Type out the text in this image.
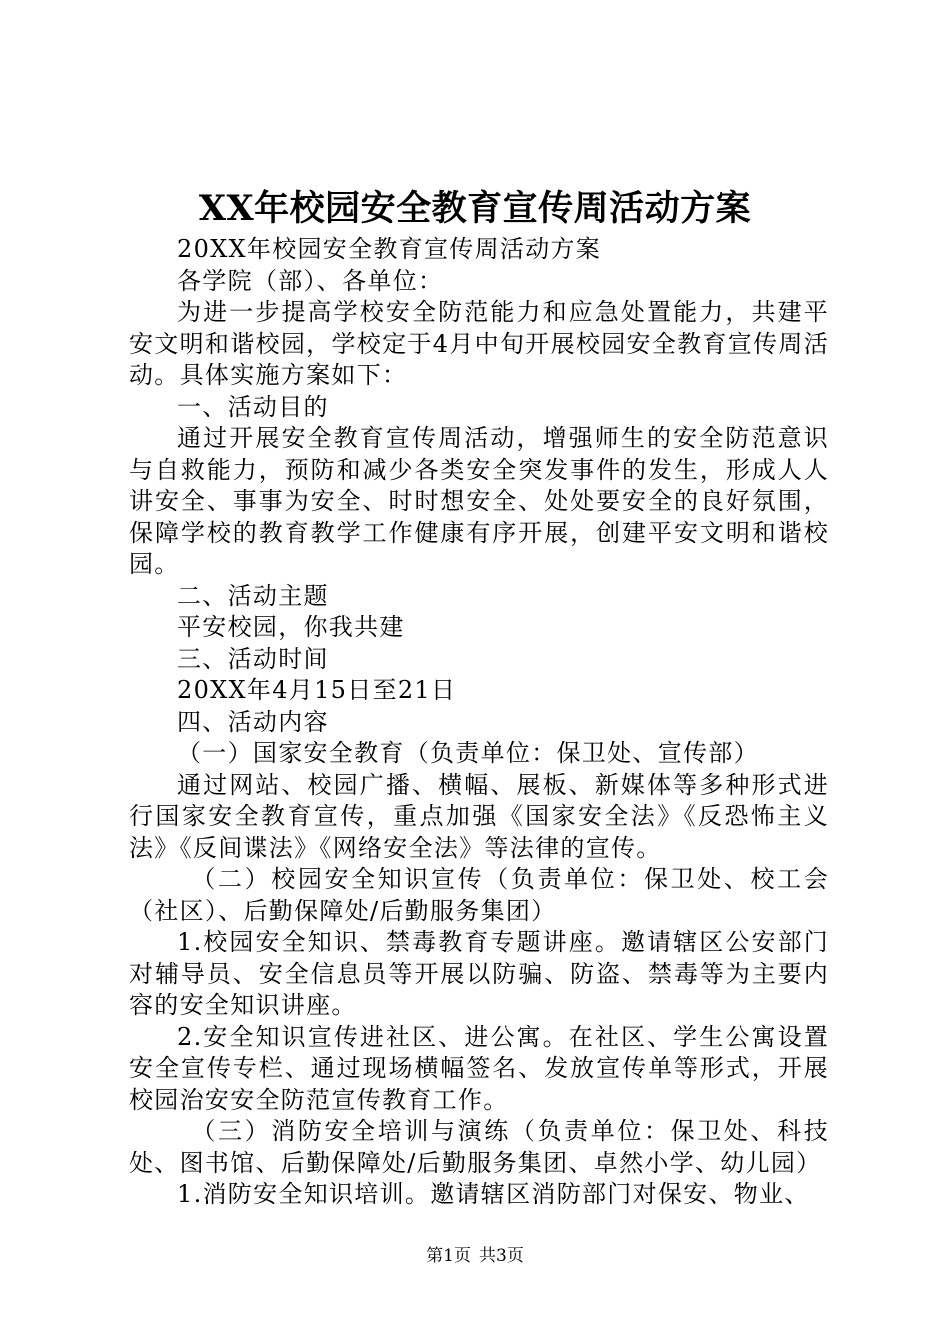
XX年校园安全教育宣传周活动方案

20XX年校园安全教育宣传周活动方案

各学院（部）、各单位：

为进一步提高学校安全防范能力和应急处置能力，共建平安文明和谐校园，学校定于4月中旬开展校园安全教育宣传周活动。具体实施方案如下：

一、活动目的

通过开展安全教育宣传周活动，增强师生的安全防范意识与自救能力，预防和减少各类安全突发事件的发生，形成人人讲安全、事事为安全、时时想安全、处处要安全的良好氛围，保障学校的教育教学工作健康有序开展，创建平安文明和谐校园。

二、活动主题

平安校园，你我共建

三、活动时间

20XX年4月15日至21日

四、活动内容

（一）国家安全教育（负责单位：保卫处、宣传部）

通过网站、校园广播、横幅、展板、新媒体等多种形式进行国家安全教育宣传，重点加强《国家安全法》《反恐怖主义法》《反间谍法》《网络安全法》等法律的宣传。

（二）校园安全知识宣传（负责单位：保卫处、校工会（社区）、后勤保障处/后勤服务集团）

1.校园安全知识、禁毒教育专题讲座。邀请辖区公安部门对辅导员、安全信息员等开展以防骗、防盗、禁毒等为主要内容的安全知识讲座。

2.安全知识宣传进社区、进公寓。在社区、学生公寓设置安全宣传专栏、通过现场横幅签名、发放宣传单等形式，开展校园治安安全防范宣传教育工作。

（三）消防安全培训与演练（负责单位：保卫处、科技处、图书馆、后勤保障处/后勤服务集团、卓然小学、幼儿园）

1.消防安全知识培训。邀请辖区消防部门对保安、物业、

第1页 共3页
